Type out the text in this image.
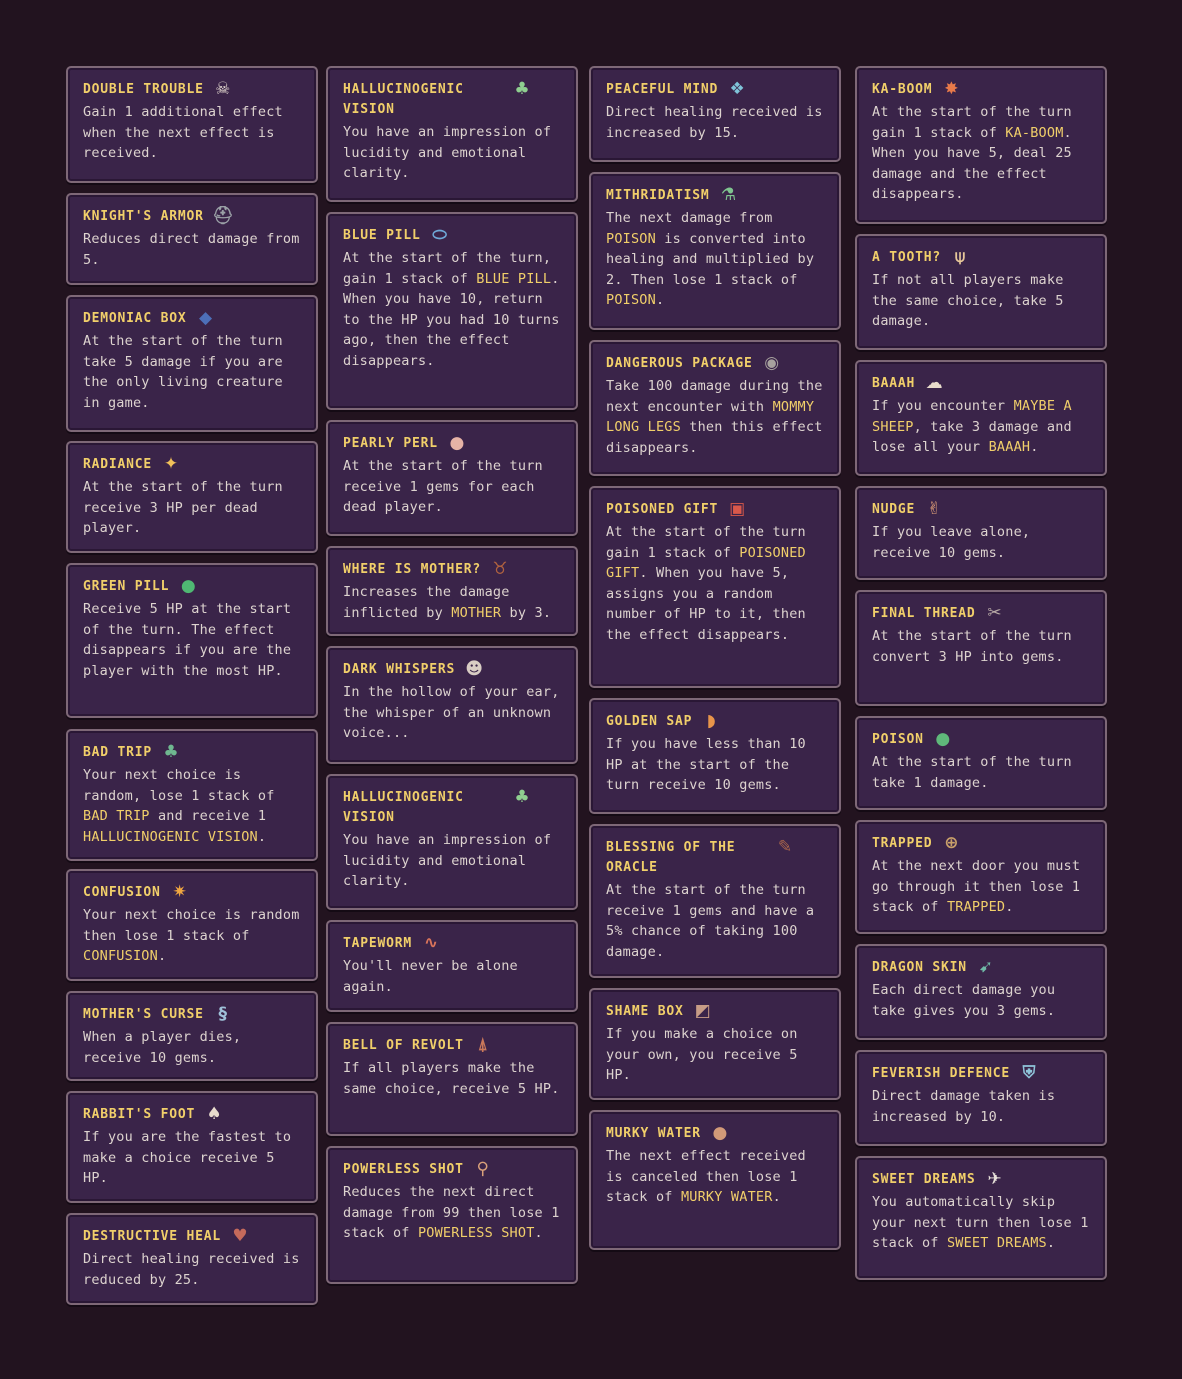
DOUBLE TROUBLE ☠
Gain 1 additional effect when the next effect is received.
KNIGHT'S ARMOR ⛑
Reduces direct damage from 5.
DEMONIAC BOX ◆
At the start of the turn take 5 damage if you are the only living creature in game.
RADIANCE ✦
At the start of the turn receive 3 HP per dead player.
GREEN PILL ●
Receive 5 HP at the start of the turn. The effect disappears if you are the player with the most HP.
BAD TRIP ♣
Your next choice is random, lose 1 stack of BAD TRIP and receive 1 HALLUCINOGENIC VISION.
CONFUSION ✷
Your next choice is random then lose 1 stack of CONFUSION.
MOTHER'S CURSE §
When a player dies, receive 10 gems.
RABBIT'S FOOT ♠
If you are the fastest to make a choice receive 5 HP.
DESTRUCTIVE HEAL ♥
Direct healing received is reduced by 25.
HALLUCINOGENIC VISION
♣
You have an impression of lucidity and emotional clarity.
BLUE PILL ⬭
At the start of the turn, gain 1 stack of BLUE PILL. When you have 10, return to the HP you had 10 turns ago, then the effect disappears.
PEARLY PERL ●
At the start of the turn receive 1 gems for each dead player.
WHERE IS MOTHER? ♉
Increases the damage inflicted by MOTHER by 3.
DARK WHISPERS ☻
In the hollow of your ear, the whisper of an unknown voice...
HALLUCINOGENIC VISION
♣
You have an impression of lucidity and emotional clarity.
TAPEWORM ∿
You'll never be alone again.
BELL OF REVOLT ⍋
If all players make the same choice, receive 5 HP.
POWERLESS SHOT ⚲
Reduces the next direct damage from 99 then lose 1 stack of POWERLESS SHOT.
PEACEFUL MIND ❖
Direct healing received is increased by 15.
MITHRIDATISM ⚗
The next damage from POISON is converted into healing and multiplied by 2. Then lose 1 stack of POISON.
DANGEROUS PACKAGE ◉
Take 100 damage during the next encounter with MOMMY LONG LEGS then this effect disappears.
POISONED GIFT ▣
At the start of the turn gain 1 stack of POISONED GIFT. When you have 5, assigns you a random number of HP to it, then the effect disappears.
GOLDEN SAP ◗
If you have less than 10 HP at the start of the turn receive 10 gems.
BLESSING OF THE ORACLE
✎
At the start of the turn receive 1 gems and have a 5% chance of taking 100 damage.
SHAME BOX ◩
If you make a choice on your own, you receive 5 HP.
MURKY WATER ●
The next effect received is canceled then lose 1 stack of MURKY WATER.
KA-BOOM ✸
At the start of the turn gain 1 stack of KA-BOOM. When you have 5, deal 25 damage and the effect disappears.
A TOOTH? ⍦
If not all players make the same choice, take 5 damage.
BAAAH ☁
If you encounter MAYBE A SHEEP, take 3 damage and lose all your BAAAH.
NUDGE ✌
If you leave alone, receive 10 gems.
FINAL THREAD ✂
At the start of the turn convert 3 HP into gems.
POISON ●
At the start of the turn take 1 damage.
TRAPPED ⊕
At the next door you must go through it then lose 1 stack of TRAPPED.
DRAGON SKIN ➹
Each direct damage you take gives you 3 gems.
FEVERISH DEFENCE ⛨
Direct damage taken is increased by 10.
SWEET DREAMS ✈
You automatically skip your next turn then lose 1 stack of SWEET DREAMS.
